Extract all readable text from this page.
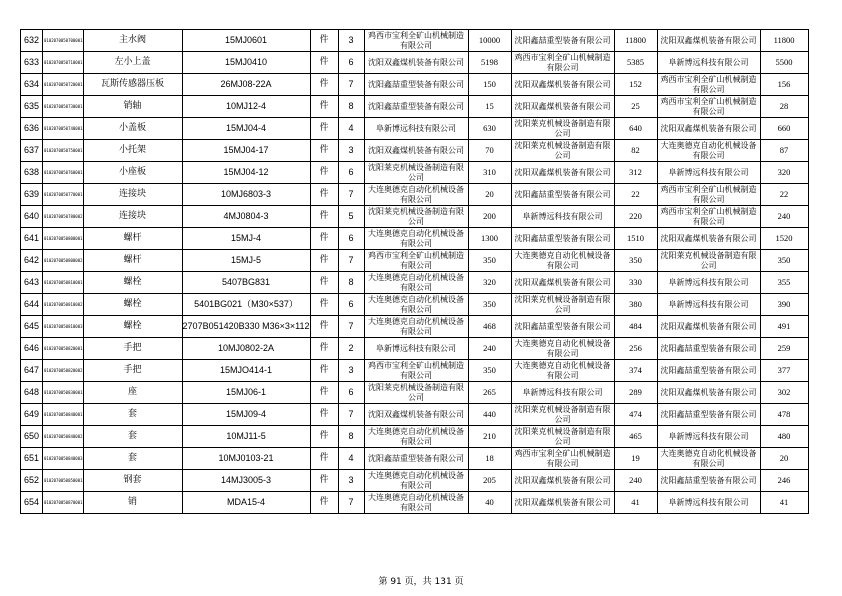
632	0102070050700001	主水阀	15MJ0601	件	3	鸡西市宝利全矿山机械制造有限公司	10000	沈阳鑫喆重型装备有限公司	11800	沈阳双鑫煤机装备有限公司	11800
633	0102070050710001	左小上盖	15MJ0410	件	6	沈阳双鑫煤机装备有限公司	5198	鸡西市宝利全矿山机械制造有限公司	5385	阜新博远科技有限公司	5500
634	0102070050720001	瓦斯传感器压板	26MJ08-22A	件	7	沈阳鑫喆重型装备有限公司	150	沈阳双鑫煤机装备有限公司	152	鸡西市宝利全矿山机械制造有限公司	156
635	0102070050730001	销轴	10MJ12-4	件	8	沈阳鑫喆重型装备有限公司	15	沈阳双鑫煤机装备有限公司	25	鸡西市宝利全矿山机械制造有限公司	28
636	0102070050740001	小盖板	15MJ04-4	件	4	阜新博远科技有限公司	630	沈阳莱克机械设备制造有限公司	640	沈阳双鑫煤机装备有限公司	660
637	0102070050750001	小托架	15MJ04-17	件	3	沈阳双鑫煤机装备有限公司	70	沈阳莱克机械设备制造有限公司	82	大连奥德克自动化机械设备有限公司	87
638	0102070050760001	小座板	15MJ04-12	件	6	沈阳莱克机械设备制造有限公司	310	沈阳双鑫煤机装备有限公司	312	阜新博远科技有限公司	320
639	0102070050770001	连接块	10MJ6803-3	件	7	大连奥德克自动化机械设备有限公司	20	沈阳鑫喆重型装备有限公司	22	鸡西市宝利全矿山机械制造有限公司	22
640	0102070050780002	连接块	4MJ0804-3	件	5	沈阳莱克机械设备制造有限公司	200	阜新博远科技有限公司	220	鸡西市宝利全矿山机械制造有限公司	240
641	0102070050800001	螺杆	15MJ-4	件	6	大连奥德克自动化机械设备有限公司	1300	沈阳鑫喆重型装备有限公司	1510	沈阳双鑫煤机装备有限公司	1520
642	0102070050800002	螺杆	15MJ-5	件	7	鸡西市宝利全矿山机械制造有限公司	350	大连奥德克自动化机械设备有限公司	350	沈阳莱克机械设备制造有限公司	350
643	0102070050810001	螺栓	5407BG831	件	8	大连奥德克自动化机械设备有限公司	320	沈阳双鑫煤机装备有限公司	330	阜新博远科技有限公司	355
644	0102070050810002	螺栓	5401BG021（M30×537）	件	6	大连奥德克自动化机械设备有限公司	350	沈阳莱克机械设备制造有限公司	380	阜新博远科技有限公司	390
645	0102070050810003	螺栓	2707B051420B330 M36×3×112	件	7	大连奥德克自动化机械设备有限公司	468	沈阳鑫喆重型装备有限公司	484	沈阳双鑫煤机装备有限公司	491
646	0102070050820001	手把	10MJ0802-2A	件	2	阜新博远科技有限公司	240	大连奥德克自动化机械设备有限公司	256	沈阳鑫喆重型装备有限公司	259
647	0102070050820002	手把	15MJO414-1	件	3	鸡西市宝利全矿山机械制造有限公司	350	大连奥德克自动化机械设备有限公司	374	沈阳鑫喆重型装备有限公司	377
648	0102070050830001	座	15MJ06-1	件	6	沈阳莱克机械设备制造有限公司	265	阜新博远科技有限公司	289	沈阳双鑫煤机装备有限公司	302
649	0102070050840001	套	15MJ09-4	件	7	沈阳双鑫煤机装备有限公司	440	沈阳莱克机械设备制造有限公司	474	沈阳鑫喆重型装备有限公司	478
650	0102070050840002	套	10MJ11-5	件	8	大连奥德克自动化机械设备有限公司	210	沈阳莱克机械设备制造有限公司	465	阜新博远科技有限公司	480
651	0102070050840003	套	10MJ0103-21	件	4	沈阳鑫喆重型装备有限公司	18	鸡西市宝利全矿山机械制造有限公司	19	大连奥德克自动化机械设备有限公司	20
652	0102070050850001	钢套	14MJ3005-3	件	3	大连奥德克自动化机械设备有限公司	205	沈阳双鑫煤机装备有限公司	240	沈阳鑫喆重型装备有限公司	246
654	0102070050870001	销	MDA15-4	件	7	大连奥德克自动化机械设备有限公司	40	沈阳双鑫煤机装备有限公司	41	阜新博远科技有限公司	41
第 91 页，共 131 页
